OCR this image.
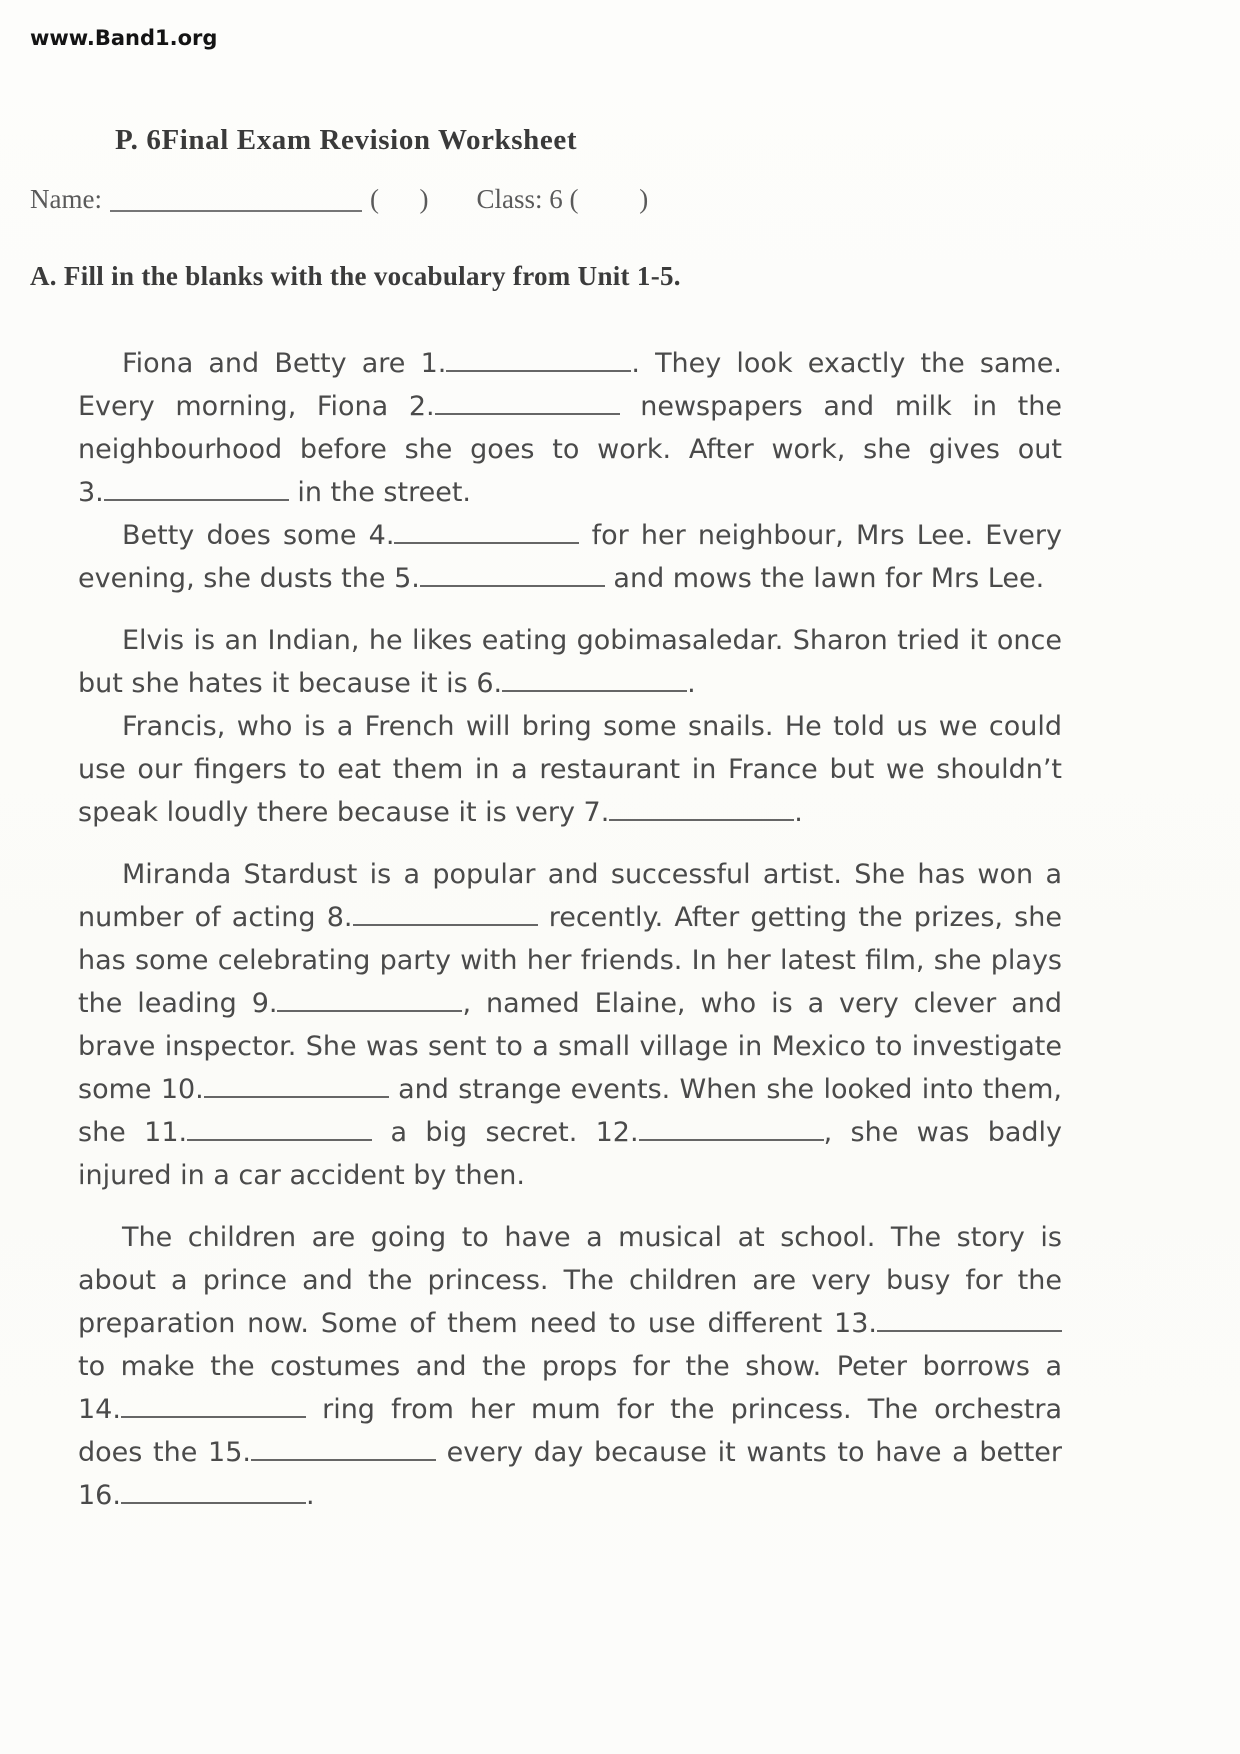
www.Band1.org
P. 6Final Exam Revision Worksheet
Name:	(      ) Class: 6 (         )
A. Fill in the blanks with the vocabulary from Unit 1-5.

Fiona and Betty are 1.	. They look exactly the same. Every morning, Fiona 2.	newspapers and milk in the neighbourhood before she goes to work. After work, she gives out 3.	in the street.

Betty does some 4.	for her neighbour, Mrs Lee. Every evening, she dusts the 5.	and mows the lawn for Mrs Lee.

Elvis is an Indian, he likes eating gobimasaledar. Sharon tried it once but she hates it because it is 6.	.

Francis, who is a French will bring some snails. He told us we could use our fingers to eat them in a restaurant in France but we shouldn’t speak loudly there because it is very 7.	.

Miranda Stardust is a popular and successful artist. She has won a number of acting 8.	recently. After getting the prizes, she has some celebrating party with her friends. In her latest film, she plays the leading 9.	, named Elaine, who is a very clever and brave inspector. She was sent to a small village in Mexico to investigate some 10.	and strange events. When she looked into them, she 11.	a big secret. 12.	, she was badly injured in a car accident by then.

The children are going to have a musical at school. The story is about a prince and the princess. The children are very busy for the preparation now. Some of them need to use different 13. to make the costumes and the props for the show. Peter borrows a 14.	ring from her mum for the princess. The orchestra does the 15.	every day because it wants to have a better 16.	.
